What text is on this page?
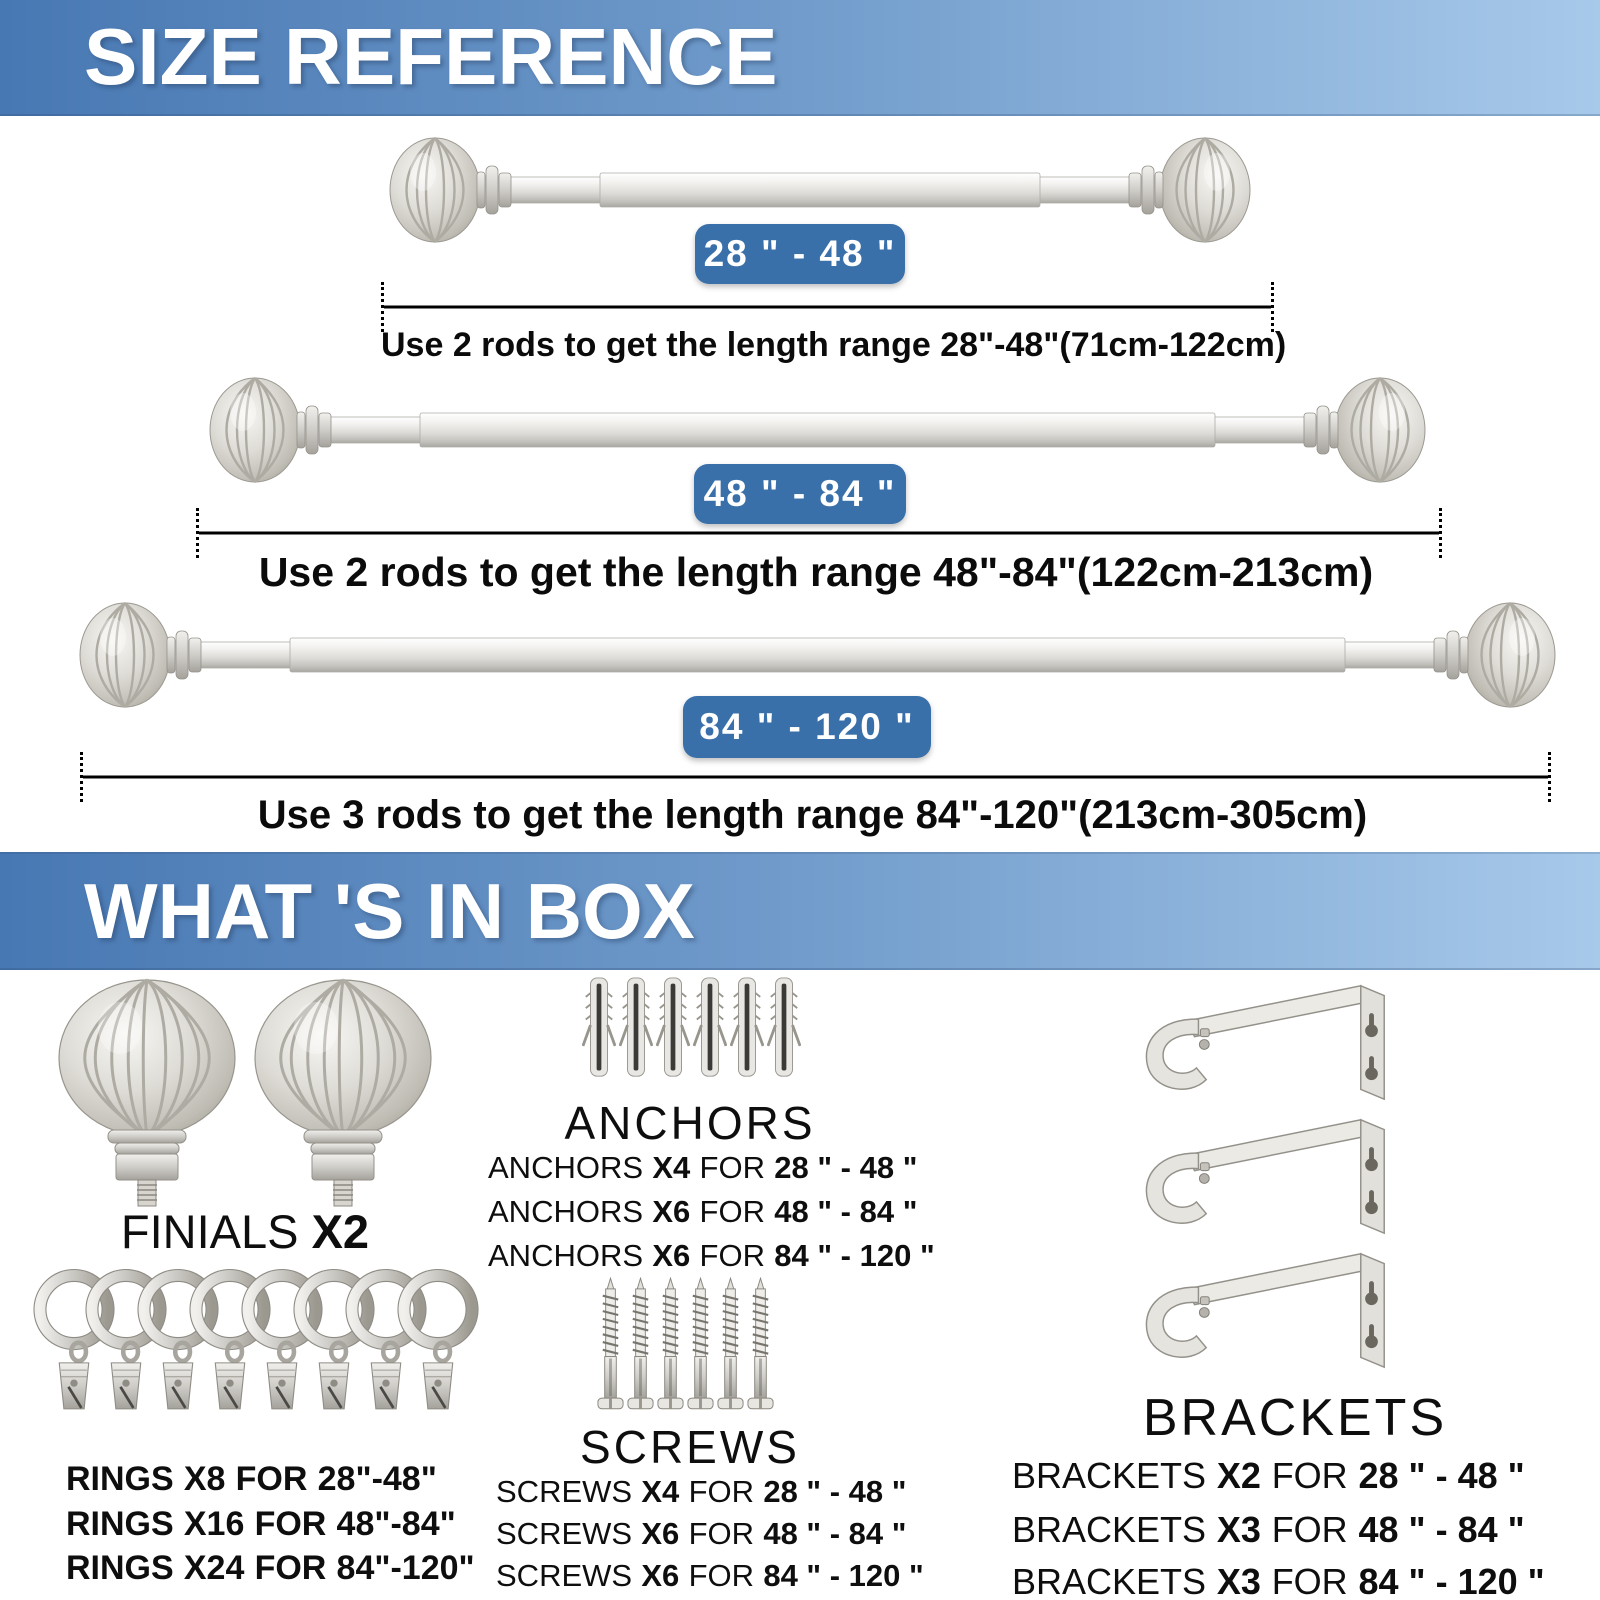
SIZE REFERENCE
28 " - 48 "
Use 2 rods to get the length range 28"-48"(71cm-122cm)
48 " - 84 "
Use 2 rods to get the length range 48"-84"(122cm-213cm)
84 " - 120 "
Use 3 rods to get the length range 84"-120"(213cm-305cm)
WHAT 'S IN BOX
FINIALS X2
RINGS X8 FOR 28"-48"
RINGS X16 FOR 48"-84"
RINGS X24 FOR 84"-120"
ANCHORS
ANCHORS X4 FOR 28 " - 48 "
ANCHORS X6 FOR 48 " - 84 "
ANCHORS X6 FOR 84 " - 120 "
SCREWS
SCREWS X4 FOR 28 " - 48 "
SCREWS X6 FOR 48 " - 84 "
SCREWS X6 FOR 84 " - 120 "
BRACKETS
BRACKETS X2 FOR 28 " - 48 "
BRACKETS X3 FOR 48 " - 84 "
BRACKETS X3 FOR 84 " - 120 "
